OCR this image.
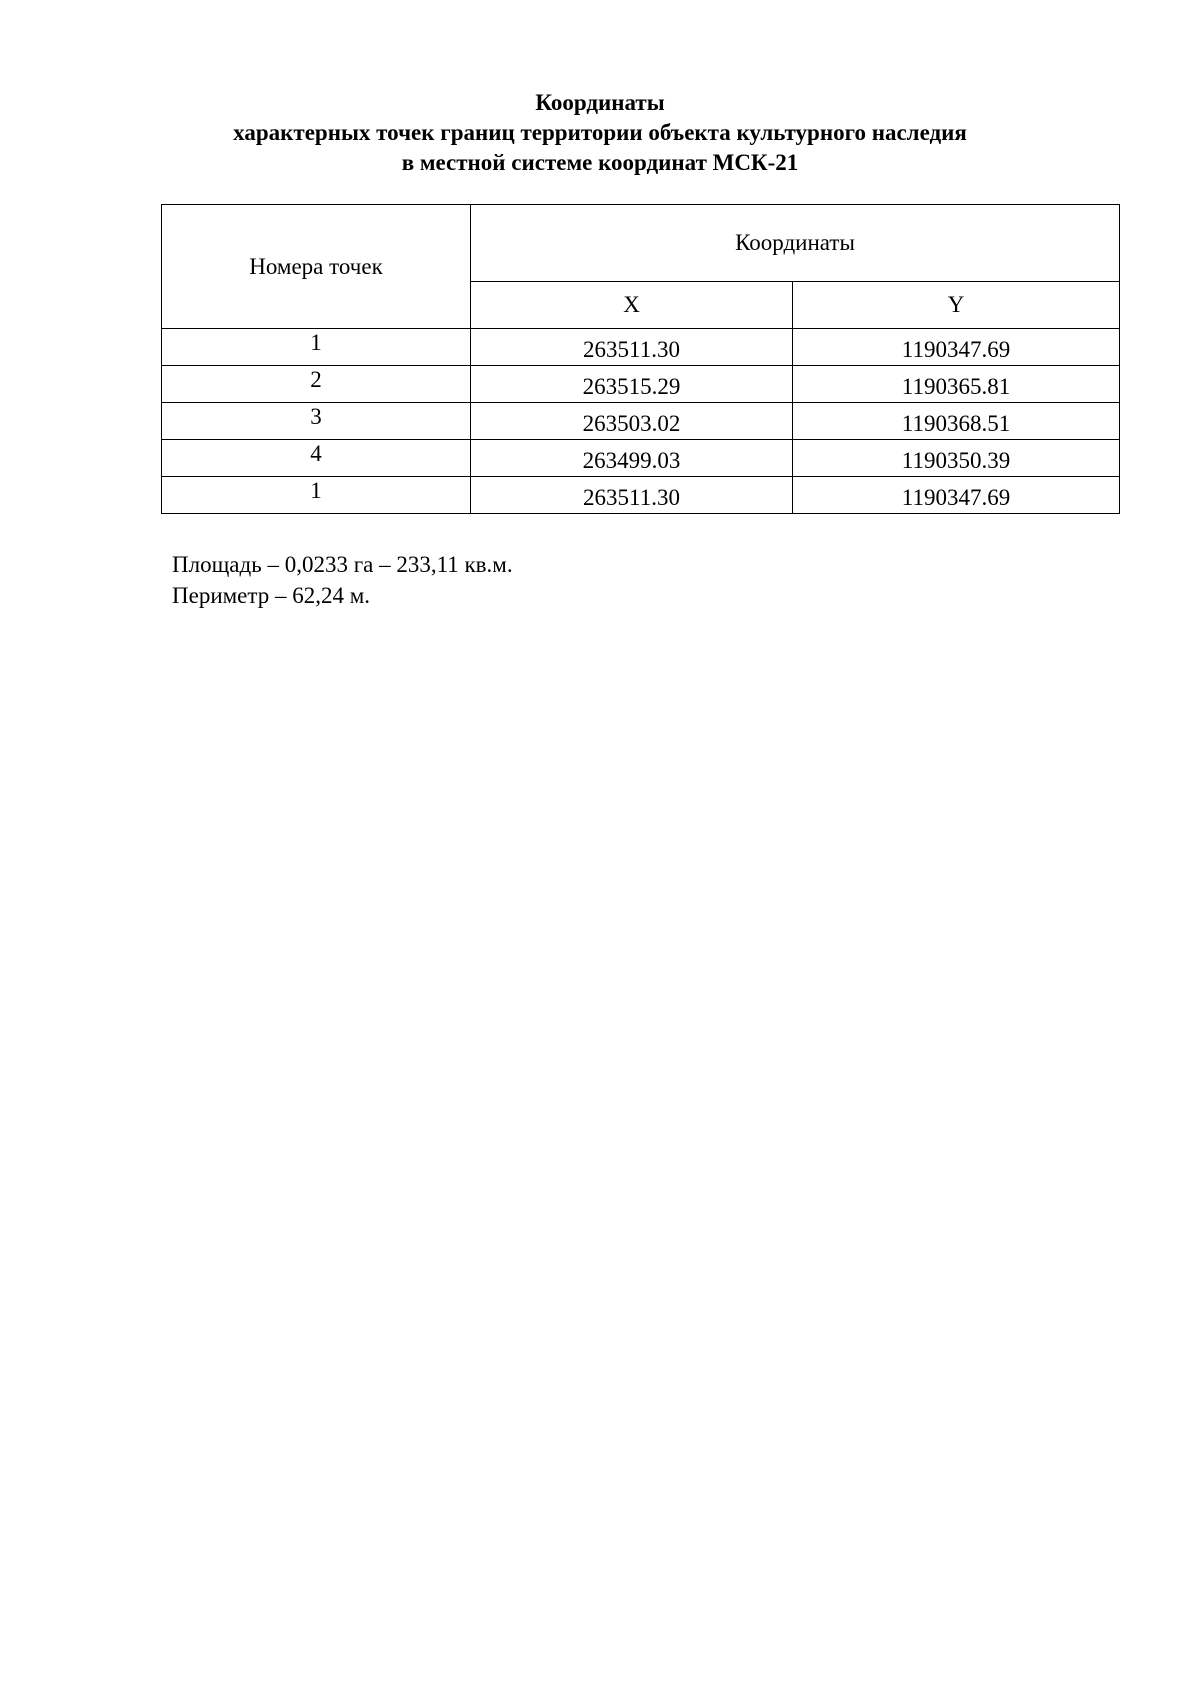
Координаты
характерных точек границ территории объекта культурного наследия
в местной системе координат МСК-21
Номера точек	Координаты	
	X	Y
1	263511.30	1190347.69
2	263515.29	1190365.81
3	263503.02	1190368.51
4	263499.03	1190350.39
1	263511.30	1190347.69
Площадь – 0,0233 га – 233,11 кв.м.
Периметр – 62,24 м.
